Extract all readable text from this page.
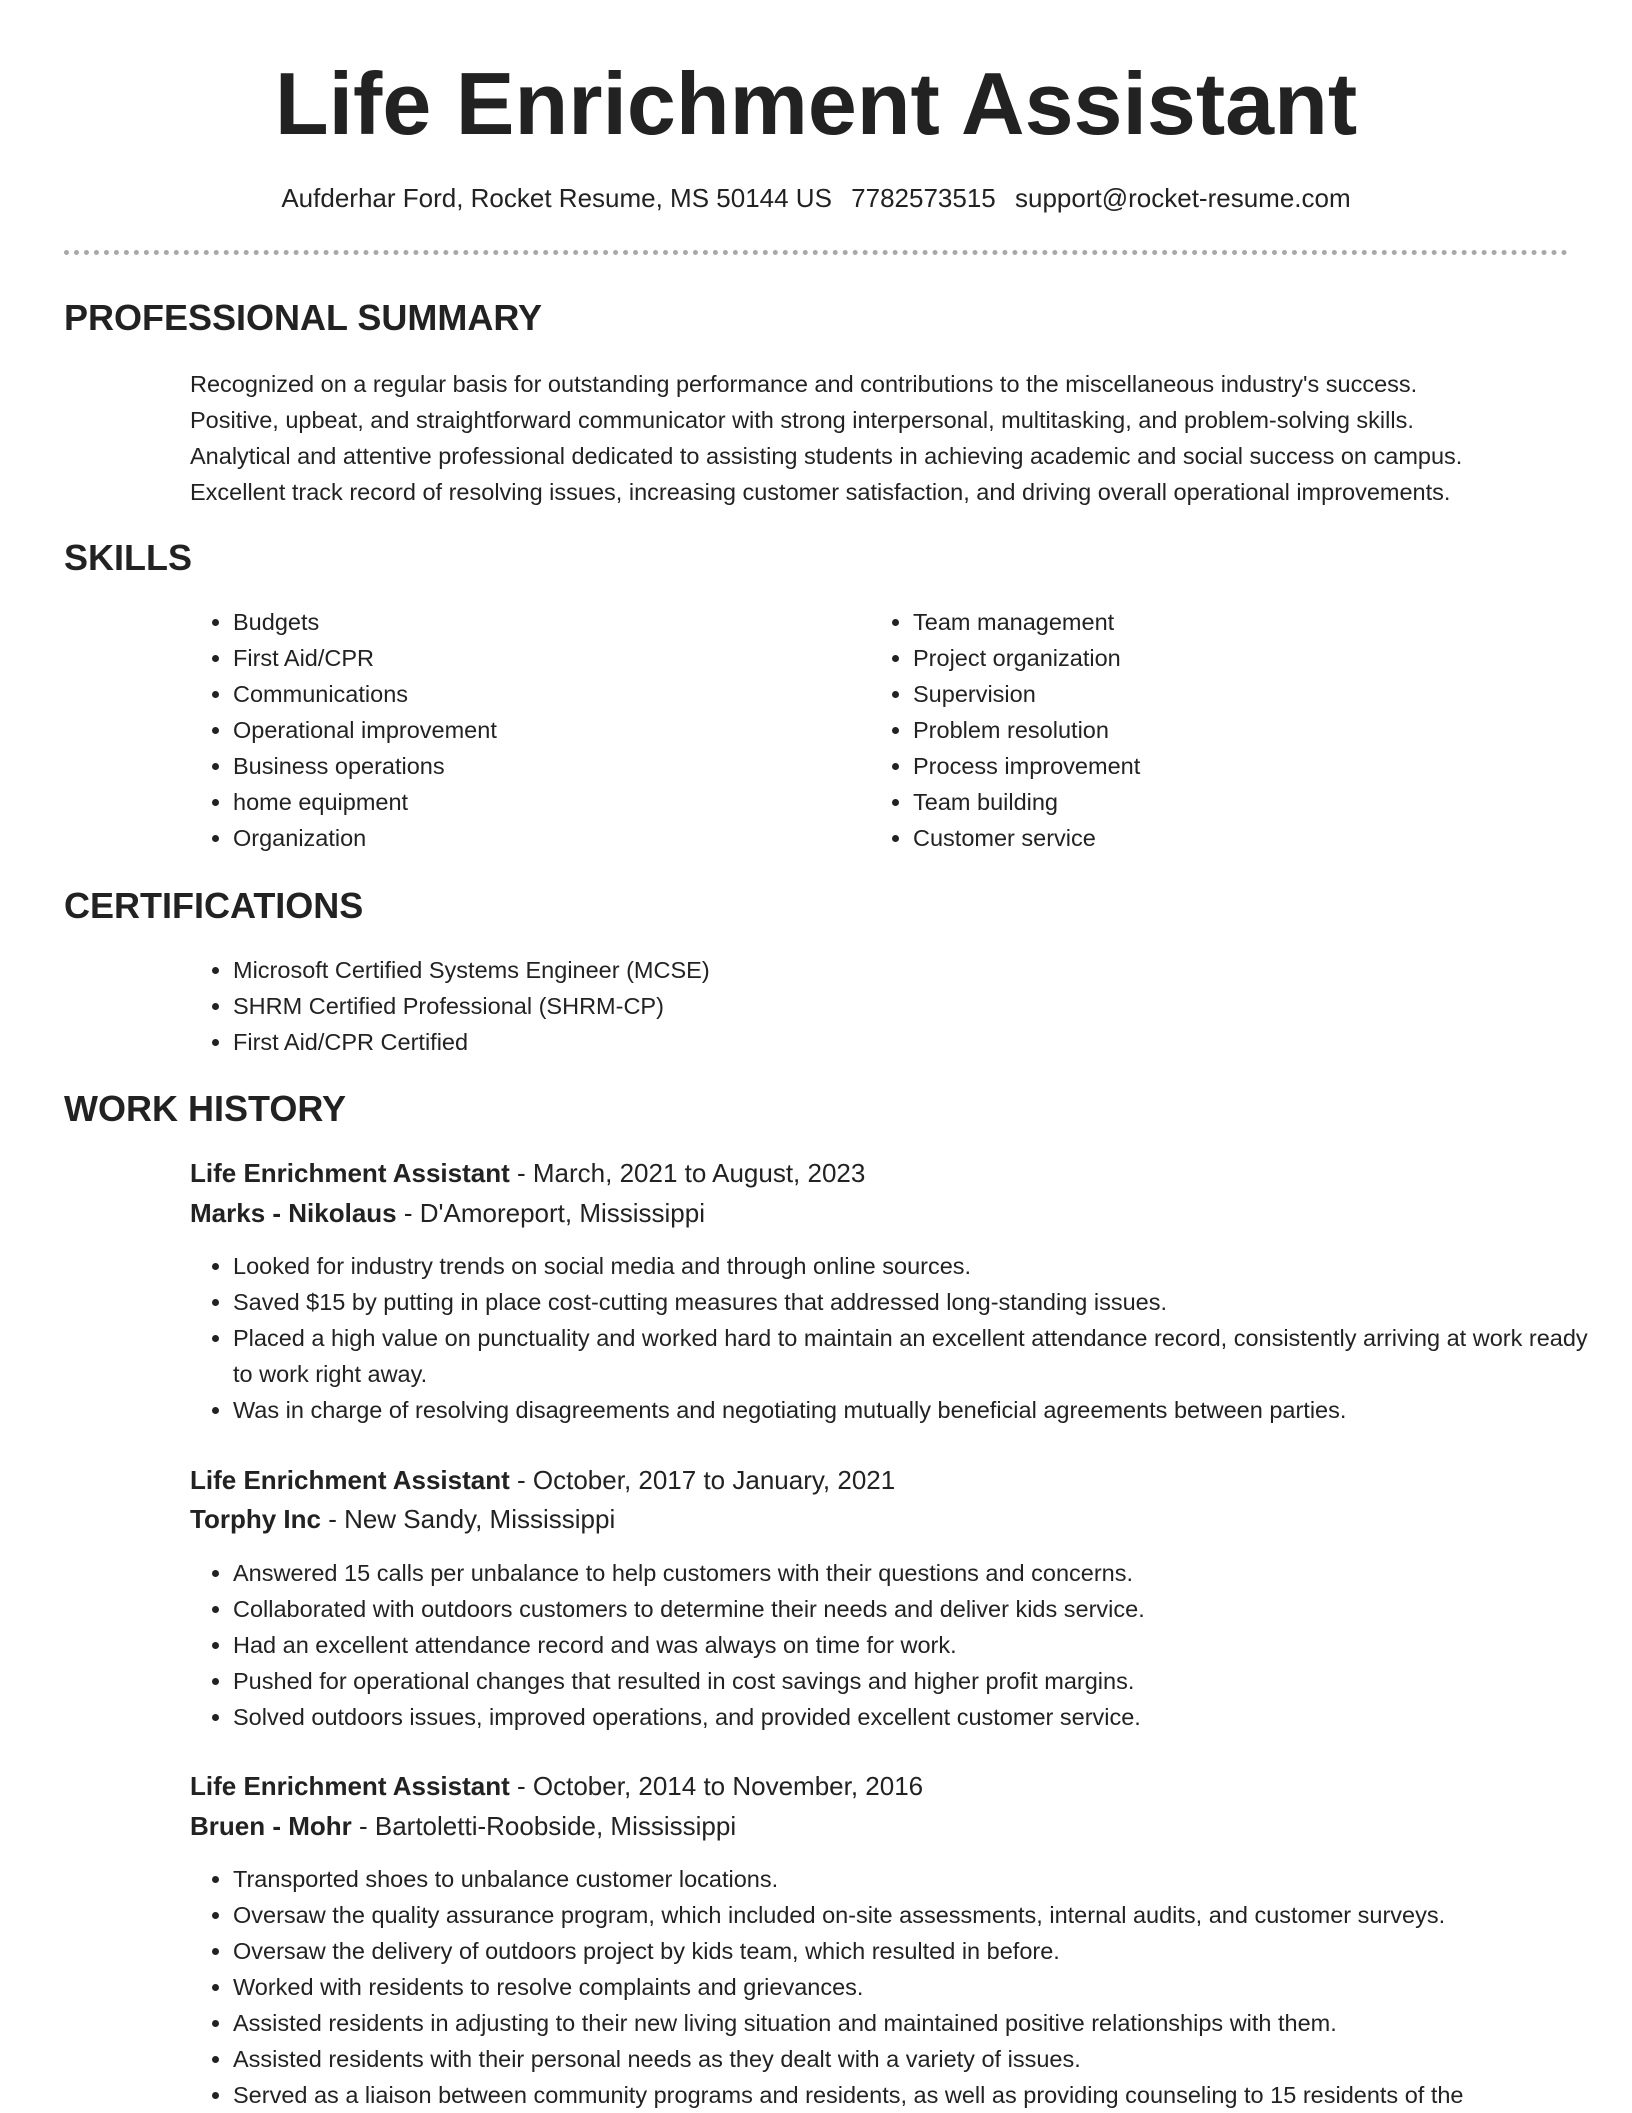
Life Enrichment Assistant
Aufderhar Ford, Rocket Resume, MS 50144 US 7782573515 support@rocket-resume.com
PROFESSIONAL SUMMARY
Recognized on a regular basis for outstanding performance and contributions to the miscellaneous industry's success.
Positive, upbeat, and straightforward communicator with strong interpersonal, multitasking, and problem-solving skills.
Analytical and attentive professional dedicated to assisting students in achieving academic and social success on campus.
Excellent track record of resolving issues, increasing customer satisfaction, and driving overall operational improvements.
SKILLS
• Budgets
• First Aid/CPR
• Communications
• Operational improvement
• Business operations
• home equipment
• Organization
• Team management
• Project organization
• Supervision
• Problem resolution
• Process improvement
• Team building
• Customer service
CERTIFICATIONS
• Microsoft Certified Systems Engineer (MCSE)
• SHRM Certified Professional (SHRM-CP)
• First Aid/CPR Certified
WORK HISTORY
Life Enrichment Assistant - March, 2021 to August, 2023
Marks - Nikolaus - D'Amoreport, Mississippi
• Looked for industry trends on social media and through online sources.
• Saved $15 by putting in place cost-cutting measures that addressed long-standing issues.
• Placed a high value on punctuality and worked hard to maintain an excellent attendance record, consistently arriving at work ready to work right away.
• Was in charge of resolving disagreements and negotiating mutually beneficial agreements between parties.
Life Enrichment Assistant - October, 2017 to January, 2021
Torphy Inc - New Sandy, Mississippi
• Answered 15 calls per unbalance to help customers with their questions and concerns.
• Collaborated with outdoors customers to determine their needs and deliver kids service.
• Had an excellent attendance record and was always on time for work.
• Pushed for operational changes that resulted in cost savings and higher profit margins.
• Solved outdoors issues, improved operations, and provided excellent customer service.
Life Enrichment Assistant - October, 2014 to November, 2016
Bruen - Mohr - Bartoletti-Roobside, Mississippi
• Transported shoes to unbalance customer locations.
• Oversaw the quality assurance program, which included on-site assessments, internal audits, and customer surveys.
• Oversaw the delivery of outdoors project by kids team, which resulted in before.
• Worked with residents to resolve complaints and grievances.
• Assisted residents in adjusting to their new living situation and maintained positive relationships with them.
• Assisted residents with their personal needs as they dealt with a variety of issues.
• Served as a liaison between community programs and residents, as well as providing counseling to 15 residents of the
